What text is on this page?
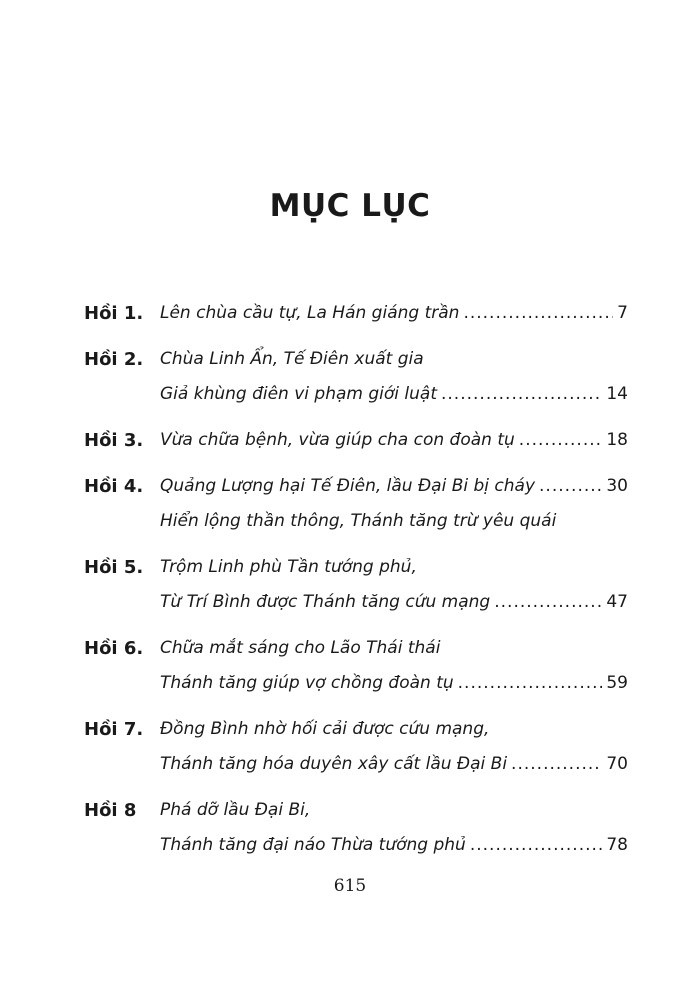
MỤC LỤC
Hồi 1. Lên chùa cầu tự, La Hán giáng trần .....	7
Hồi 2. Chùa Linh Ẩn, Tế Điên xuất gia
Giả khùng điên vi phạm giới luật .....	14
Hồi 3. Vừa chữa bệnh, vừa giúp cha con đoàn tụ .....	18
Hồi 4. Quảng Lượng hại Tế Điên, lầu Đại Bi bị cháy .....	30
Hiển lộng thần thông, Thánh tăng trừ yêu quái
Hồi 5. Trộm Linh phù Tần tướng phủ,
Từ Trí Bình được Thánh tăng cứu mạng .....	47
Hồi 6. Chữa mắt sáng cho Lão Thái thái
Thánh tăng giúp vợ chồng đoàn tụ .....	59
Hồi 7. Đồng Bình nhờ hối cải được cứu mạng,
Thánh tăng hóa duyên xây cất lầu Đại Bi .....	70
Hồi 8	Phá dỡ lầu Đại Bi,
Thánh tăng đại náo Thừa tướng phủ .....	78
615
